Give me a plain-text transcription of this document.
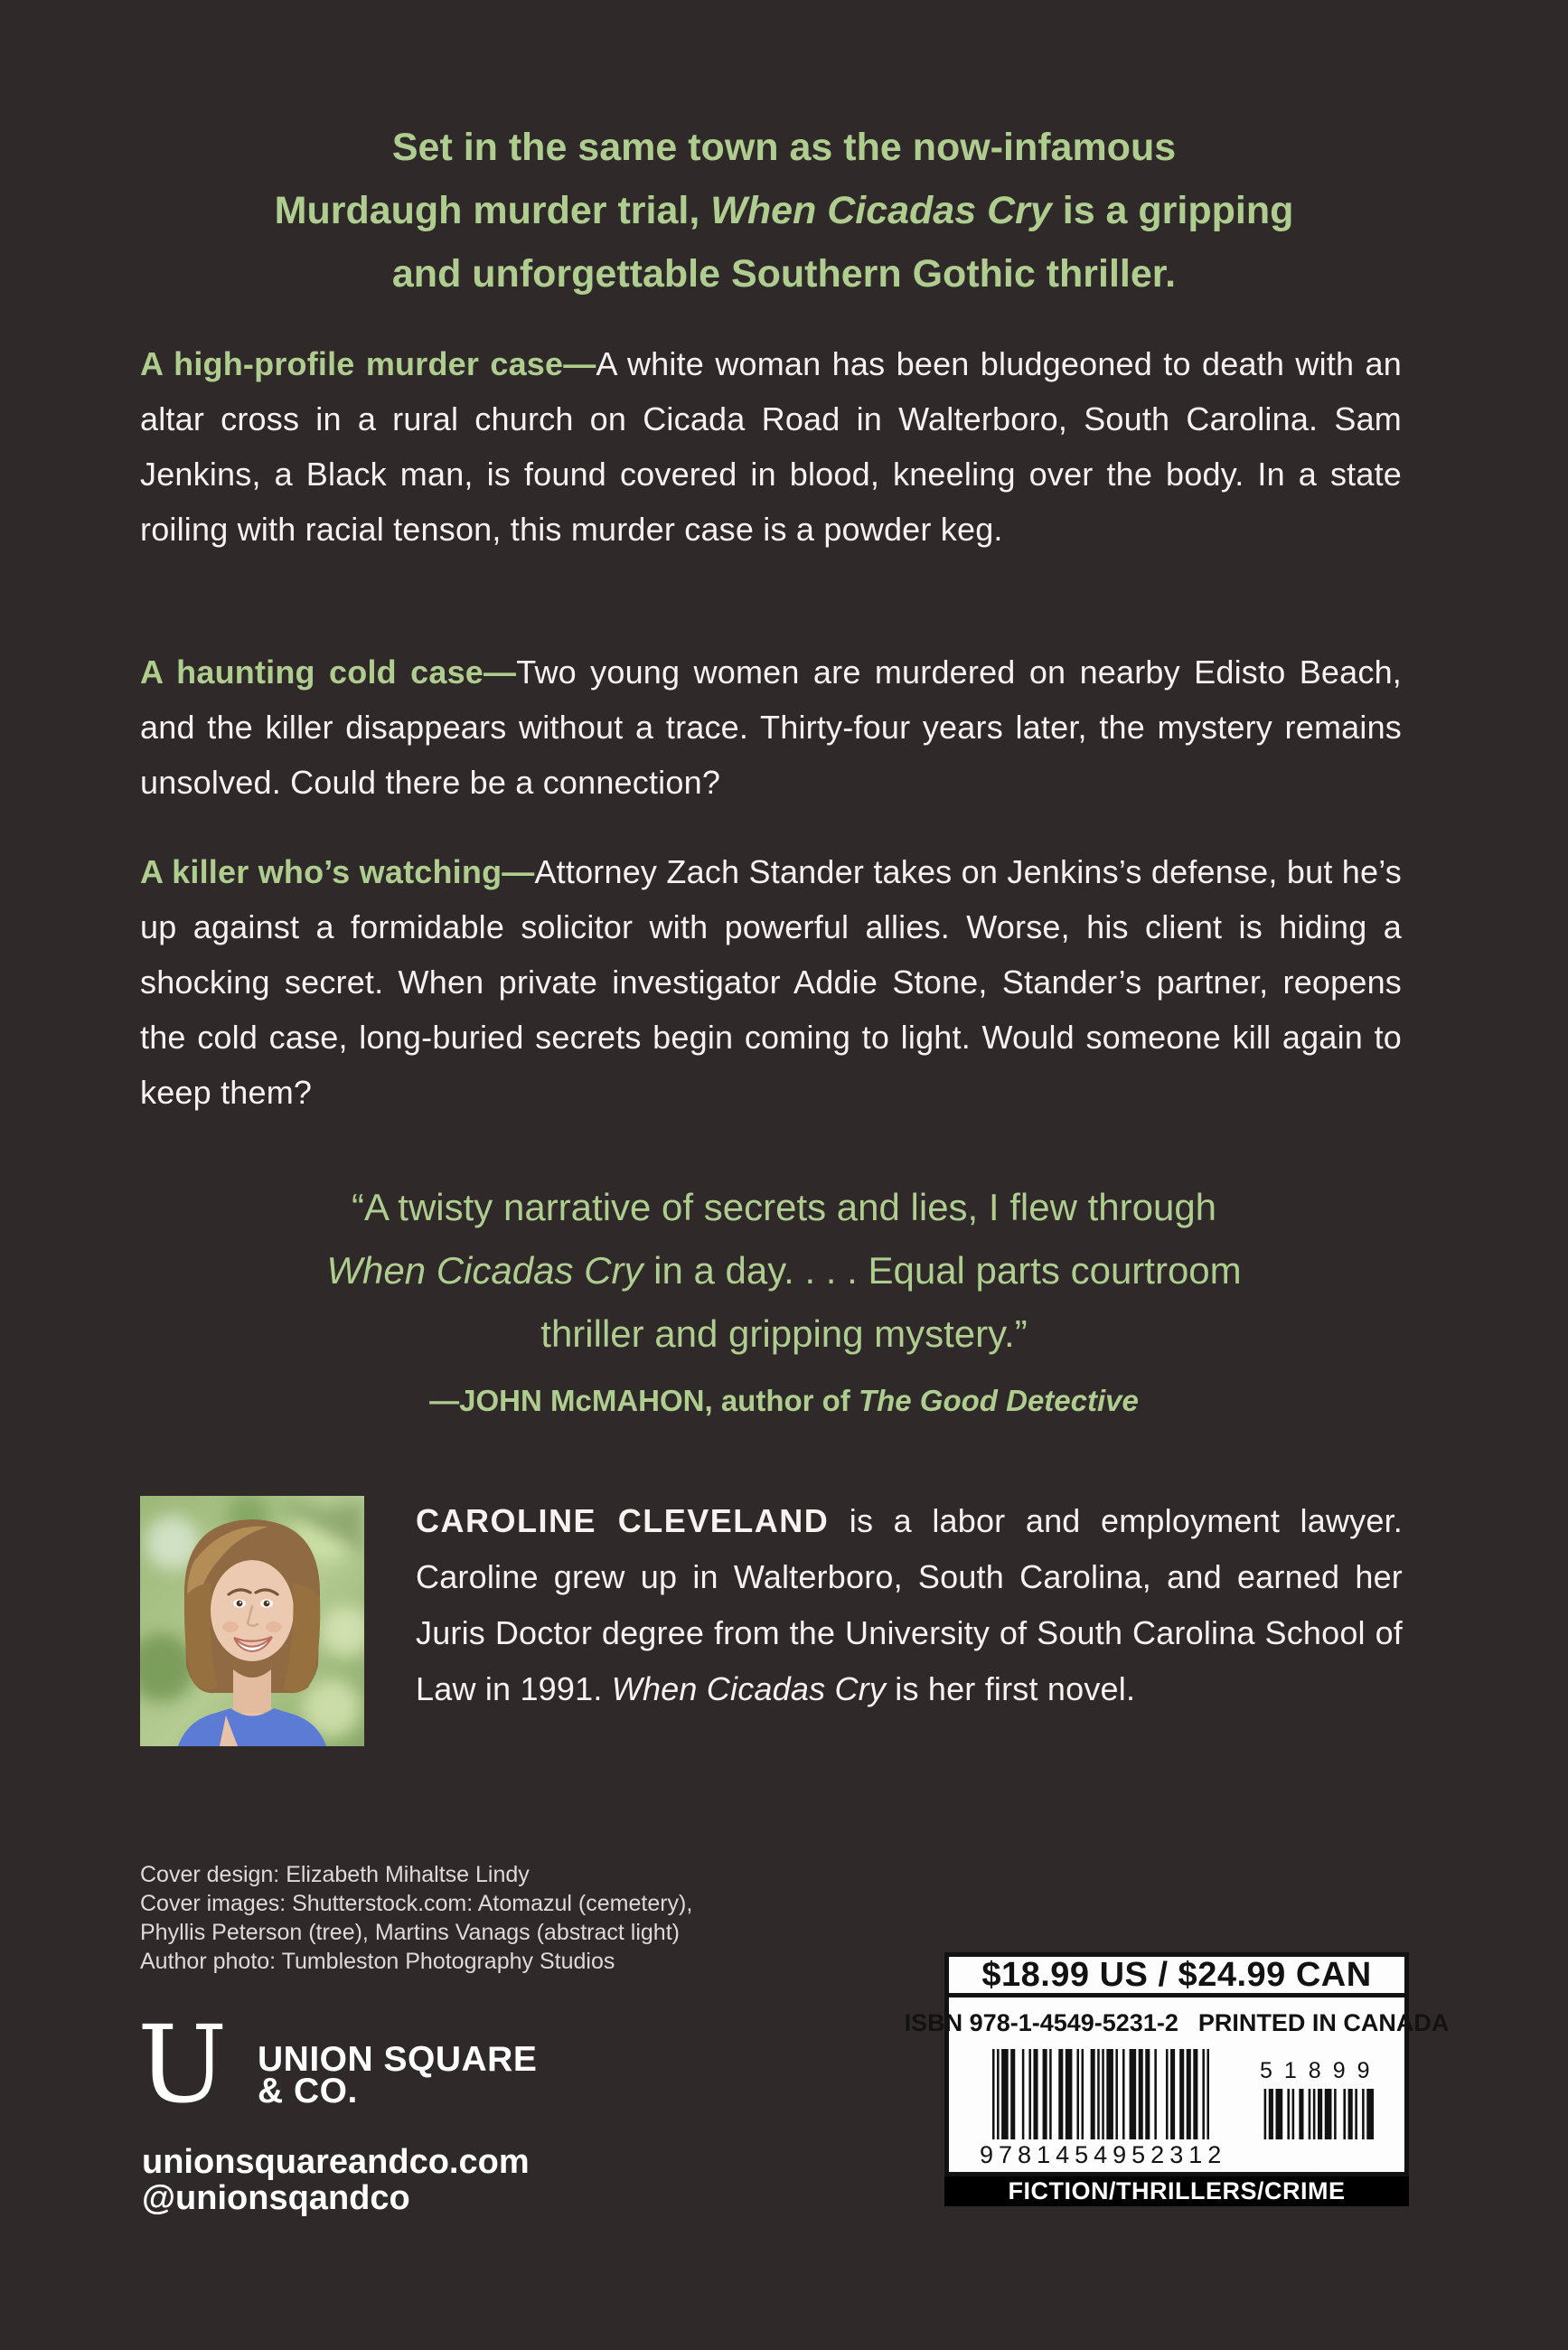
Set in the same town as the now-infamous
Murdaugh murder trial, When Cicadas Cry is a gripping
and unforgettable Southern Gothic thriller.

A high-profile murder case—A white woman has been bludgeoned to death with an altar cross in a rural church on Cicada Road in Walterboro, South Carolina. Sam Jenkins, a Black man, is found covered in blood, kneeling over the body. In a state roiling with racial tenson, this murder case is a powder keg.

A haunting cold case—Two young women are murdered on nearby Edisto Beach, and the killer disappears without a trace. Thirty-four years later, the mystery remains unsolved. Could there be a connection?

A killer who’s watching—Attorney Zach Stander takes on Jenkins’s defense, but he’s up against a formidable solicitor with powerful allies. Worse, his client is hiding a shocking secret. When private investigator Addie Stone, Stander’s partner, reopens the cold case, long-buried secrets begin coming to light. Would someone kill again to keep them?

“A twisty narrative of secrets and lies, I flew through
When Cicadas Cry in a day. . . . Equal parts courtroom
thriller and gripping mystery.”
—JOHN McMAHON, author of The Good Detective
CAROLINE CLEVELAND is a labor and employment lawyer. Caroline grew up in Walterboro, South Carolina, and earned her Juris Doctor degree from the University of South Carolina School of Law in 1991. When Cicadas Cry is her first novel.
Cover design: Elizabeth Mihaltse Lindy
Cover images: Shutterstock.com: Atomazul (cemetery),
Phyllis Peterson (tree), Martins Vanags (abstract light)
Author photo: Tumbleston Photography Studios
U UNION SQUARE
& CO.
unionsquareandco.com
@unionsqandco
$18.99 US / $24.99 CAN
ISBN 978-1-4549-5231-2 PRINTED IN CANADA
9 781454 952312
51899
FICTION/THRILLERS/CRIME
